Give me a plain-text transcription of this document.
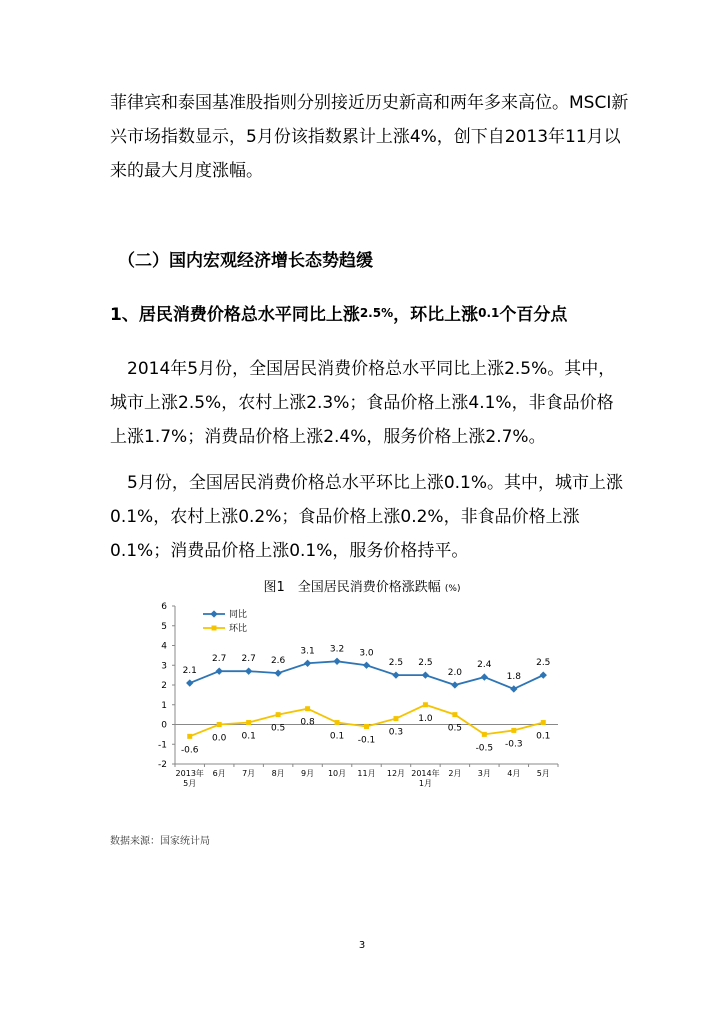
菲律宾和泰国基准股指则分别接近历史新高和两年多来高位。MSCI新兴市场指数显示，5月份该指数累计上涨4%，创下自2013年11月以来的最大月度涨幅。

（二）国内宏观经济增长态势趋缓

1、居民消费价格总水平同比上涨2.5%，环比上涨0.1个百分点

2014年5月份，全国居民消费价格总水平同比上涨2.5%。其中，城市上涨2.5%，农村上涨2.3%；食品价格上涨4.1%，非食品价格上涨1.7%；消费品价格上涨2.4%，服务价格上涨2.7%。

5月份，全国居民消费价格总水平环比上涨0.1%。其中，城市上涨0.1%，农村上涨0.2%；食品价格上涨0.2%，非食品价格上涨0.1%；消费品价格上涨0.1%，服务价格持平。

图1　全国居民消费价格涨跌幅 (%)
-2
-1
0
1
2
3
4
5
6
2013年
5月
6月 7月 8月 9月 10月 11月 12月 2014年
1月
2月 3月 4月 5月
2.1
2.7 2.7 2.6
3.1 3.2 3.0
2.5 2.5
2.0
2.4
1.8
2.5
-0.6
0.0 0.1
0.5
0.8
0.1 -0.1
0.3
1.0
0.5
-0.5 -0.3
0.1
同比
环比
数据来源：国家统计局
3
